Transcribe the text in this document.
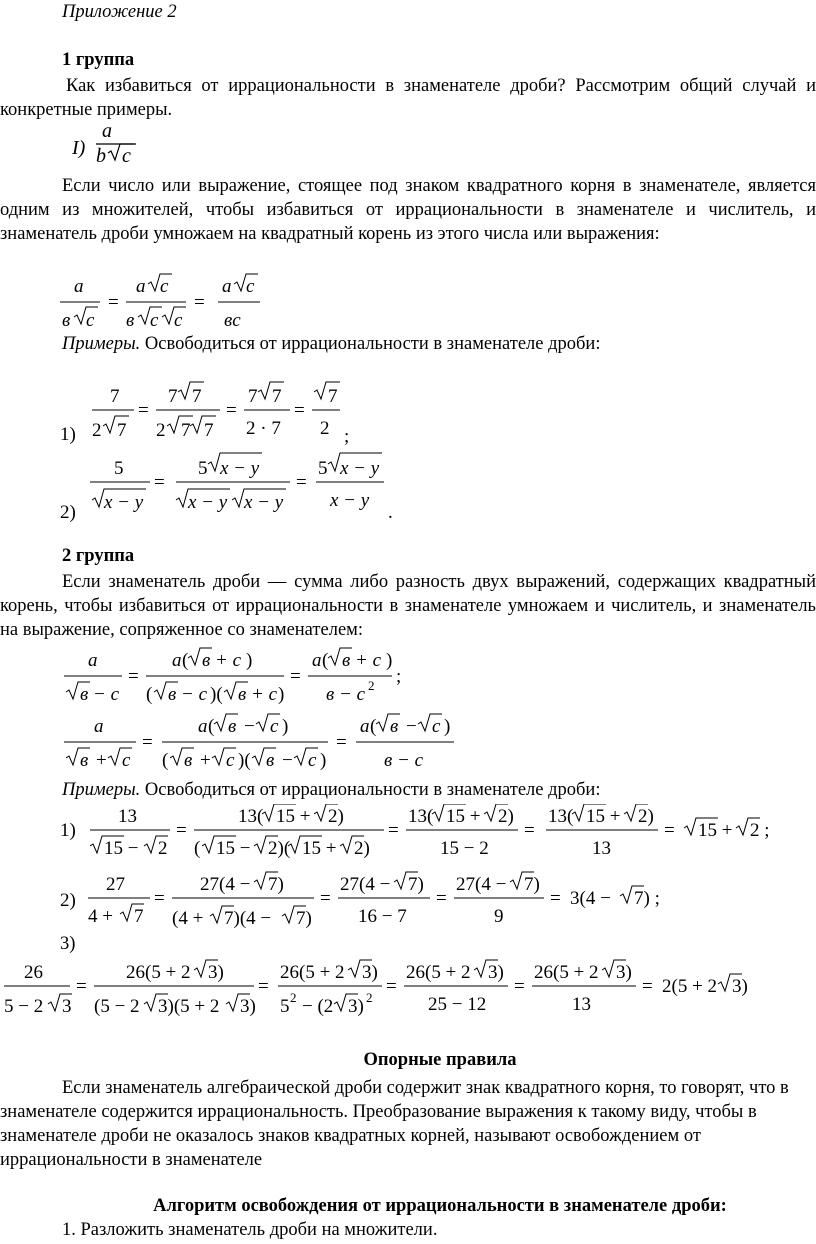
Приложение 2
1 группа

Как избавиться от иррациональности в знаменателе дроби? Рассмотрим общий случай и конкретные примеры.

I)
a
b c

Если число или выражение, стоящее под знаком квадратного корня в знаменателе, является одним из множителей, чтобы избавиться от иррациональности в знаменателе и числитель, и знаменатель дроби умножаем на квадратный корень из этого числа или выражения:

a
в c
=
a c
в c c
=
a c
вc
Примеры. Освободиться от иррациональности в знаменателе дроби:
1)
7
2 7
=
7 7
2 7 7
=
7 7
2 · 7
=
7
2 ;
2)
5
x − y
=
5 x − y
x − y x − y
=
5 x − y
x − y
.
2 группа

Если знаменатель дроби — сумма либо разность двух выражений, содержащих квадратный корень, чтобы избавиться от иррациональности в знаменателе умножаем и числитель, и знаменатель на выражение, сопряженное со знаменателем:

a
в − c
=
a ( в + c )
( в − c )( в + c )
=
a ( в + c )
в − c 2 ;
a
в + c
=
a ( в − c )
( в + c )( в − c )
=
a ( в − c )
в − c
Примеры. Освободиться от иррациональности в знаменателе дроби:
1)
13
15 − 2
=
13( 15 + 2)
( 15 − 2)( 15 + 2)
=
13( 15 + 2)
15 − 2
=
13( 15 + 2)
13
= 15 + 2 ;
2)
27
4 + 7
=
27(4 − 7)
(4 + 7)(4 − 7)
=
27(4 − 7)
16 − 7
=
27(4 − 7)
9
= 3(4 − 7) ;
3)
26
5 − 2 3
=
26(5 + 2 3)
(5 − 2 3)(5 + 2 3)
=
26(5 + 2 3)
5 2 − (2 3) 2
=
26(5 + 2 3)
25 − 12
=
26(5 + 2 3)
13
= 2(5 + 2 3)
Опорные правила

Если знаменатель алгебраической дроби содержит знак квадратного корня, то говорят, что в знаменателе содержится иррациональность. Преобразование выражения к такому виду, чтобы в знаменателе дроби не оказалось знаков квадратных корней, называют освобождением от иррациональности в знаменателе

Алгоритм освобождения от иррациональности в знаменателе дроби:
1. Разложить знаменатель дроби на множители.
